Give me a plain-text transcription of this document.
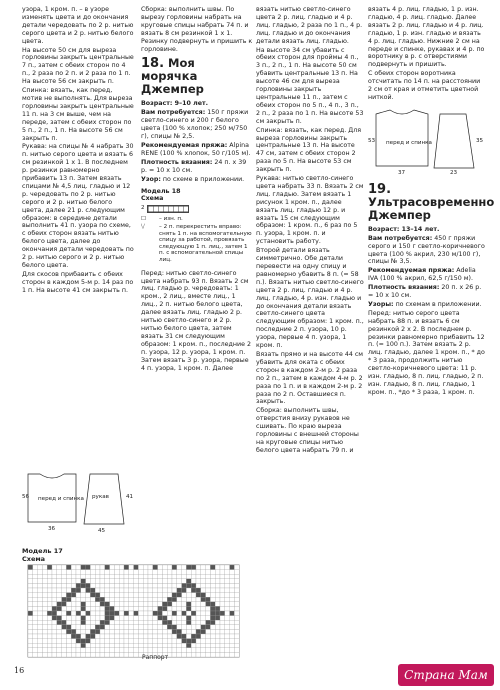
узора, 1 кром. п. – в узоре изменять цвета и до окончания детали чередовать по 2 р. нитью серого цвета и 2 р. нитью белого цвета.

На высоте 50 см для выреза горловины закрыть центральные 7 п., затем с обеих сторон по 4 п., 2 раза по 2 п. и 2 раза по 1 п. На высоте 56 см закрыть п.

Спинка: вязать, как перед, мотив не выполнять. Для выреза горловины закрыть центральные 11 п. на 3 см выше, чем на переде, затем с обеих сторон по 5 п., 2 п., 1 п. На высоте 56 см закрыть п.

Рукава: на спицы № 4 набрать 30 п. нитью серого цвета и вязать 6 см резинкой 1 х 1. В последнем р. резинки равномерно прибавить 13 п. Затем вязать спицами № 4,5 лиц. гладью и 12 р. чередовать по 2 р. нитью серого и 2 р. нитью белого цвета, далее 21 р. следующим образом: в середине детали выполнить 41 п. узора по схеме, с обеих сторон вязать нитью белого цвета, далее до окончания детали чередовать по 2 р. нитью серого и 2 р. нитью белого цвета.

Для скосов прибавить с обеих сторон в каждом 5-м р. 14 раз по 1 п. На высоте 41 см закрыть п.

перед и спинка рукав
36	45
56	41
Модель 17
Схема
Раппорт

Сборка: выполнить швы. По вырезу горловины набрать на круговые спицы набрать 74 п. и вязать 8 см резинкой 1 х 1. Резинку подвернуть и пришить к горловине.

18. Моя морячка Джемпер

Возраст: 9–10 лет.

Вам потребуется: 150 г пряжи светло-синего и 200 г белого цвета (100 % хлопок; 250 м/750 г), спицы № 2,5.

Рекомендуемая пряжа: Alpina RENE (100 % хлопок, 50 г/105 м).

Плотность вязания: 24 п. х 39 р. = 10 х 10 см.

Узор: по схеме в приложении.

Модель 18
Схема
2
☐	– изн. п.
⧹⧸	– 2 п. перекрестить вправо: снять 1 п. на вспомогательную спицу за работой, провязать следующую 1 п. лиц., затем 1 п. с вспомогательной спицы лиц.

Перед: нитью светло-синего цвета набрать 93 п. Вязать 2 см лиц. гладью р. чередовать: 1 кром., 2 лиц., вместе лиц., 1 лиц., 2 п. нитью белого цвета, далее вязать лиц. гладью 2 р. нитью светло-синего и 2 р. нитью белого цвета, затем вязать 31 см следующим образом: 1 кром. п., последние 2 п. узора, 12 р. узора, 1 кром. п. Затем вязать 3 р. узора, первые 4 п. узора, 1 кром. п. Далее

вязать нитью светло-синего цвета 2 р. лиц. гладью и 4 р. лиц. гладью, 2 раза по 1 п., 4 р. лиц. гладью и до окончания детали вязать лиц. гладью.

На высоте 34 см убавить с обеих сторон для проймы 4 п., 3 п., 2 п., 1 п. На высоте 50 см убавить центральные 13 п. На высоте 46 см для выреза горловины закрыть центральные 11 п., затем с обеих сторон по 5 п., 4 п., 3 п., 2 п., 2 раза по 1 п. На высоте 53 см закрыть п.

Спинка: вязать, как перед. Для выреза горловины закрыть центральные 13 п. На высоте 47 см, затем с обеих сторон 2 раза по 5 п. На высоте 53 см закрыть п.

Рукава: нитью светло-синего цвета набрать 33 п. Вязать 2 см лиц. гладью. Затем вязать 1 рисунок 1 кром. п., далее вязать лиц. гладью 12 р. и вязать 15 см следующим образом: 1 кром. п., 6 раз по 5 п. узора, 1 кром. п. и установить работу.

Второй детали вязать симметрично. Обе детали перевести на одну спицу и равномерно убавить 8 п. (= 58 п.). Вязать нитью светло-синего цвета 2 р. лиц. гладью и 4 р. лиц. гладью, 4 р. изн. гладью и до окончания детали вязать светло-синего цвета следующим образом: 1 кром. п., последние 2 п. узора, 10 р. узора, первые 4 п. узора, 1 кром. п.

Вязать прямо и на высоте 44 см убавить для оката с обеих сторон в каждом 2-м р. 2 раза по 2 п., затем в каждом 4-м р. 2 раза по 1 п. и в каждом 2-м р. 2 раза по 2 п. Оставшиеся п. закрыть.

Сборка: выполнить швы, отверстия внизу рукавов не сшивать. По краю выреза горловины с внешней стороны на круговые спицы нитью белого цвета набрать 79 п. и

вязать 4 р. лиц. гладью, 1 р. изн. гладью, 4 р. лиц. гладью. Далее вязать 2 р. лиц. гладью и 4 р. лиц. гладью, 1 р. изн. гладью и вязать 4 р. лиц. гладью. Нижние 2 см на переде и спинке, рукавах и 4 р. по воротнику в р. с отверстиями подвернуть и пришить.

С обеих сторон воротника отсчитать по 14 п. на расстоянии 2 см от края и отметить цветной ниткой.

перед и спинка
37	23
53	35
19.
Ультрасовременно Джемпер

Возраст: 13–14 лет.

Вам потребуется: 450 г пряжи серого и 150 г светло-коричневого цвета (100 % акрил, 230 м/100 г), спицы № 3,5.

Рекомендуемая пряжа: Adelia IVA (100 % акрил, 62,5 г/150 м).

Плотность вязания: 20 п. х 26 р. = 10 х 10 см.

Узоры: по схемам в приложении.

Перед: нитью серого цвета набрать 88 п. и вязать 6 см резинкой 2 х 2. В последнем р. резинки равномерно прибавить 12 п. (= 100 п.). Затем вязать 2 р. лиц. гладью, далее 1 кром. п., * до * 3 раза, продолжить нитью светло-коричневого цвета: 11 р. изн. гладью, 8 п. лиц. гладью, 2 п. изн. гладью, 8 п. лиц. гладью, 1 кром. п., *до * 3 раза, 1 кром. п.

16	Страна Мам
